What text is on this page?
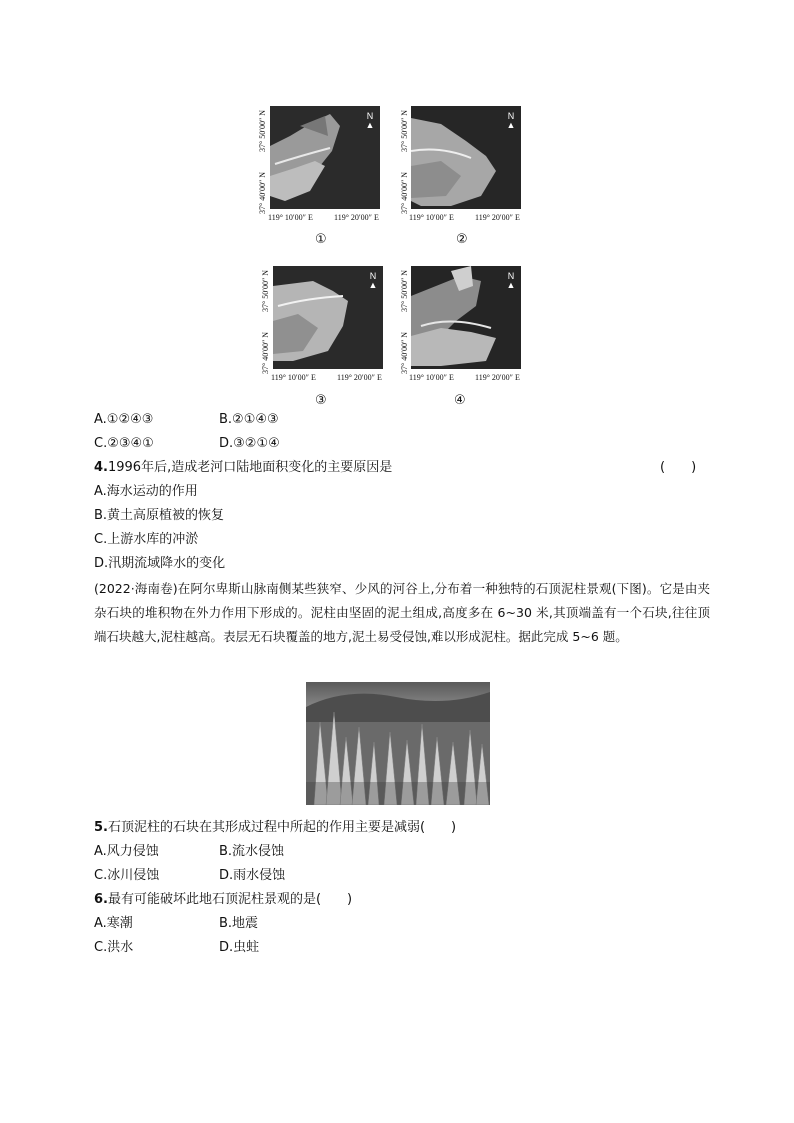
N
▲
N
▲
N
▲
N
▲
37° 50′00″ N
37° 40′00″ N
37° 50′00″ N
37° 40′00″ N
37° 50′00″ N
37° 40′00″ N
37° 50′00″ N
37° 40′00″ N
119° 10′00″ E	119° 20′00″ E	119° 10′00″ E	119° 20′00″ E
119° 10′00″ E	119° 20′00″ E	119° 10′00″ E	119° 20′00″ E
①	②
③	④
A.①②④③	B.②①④③
C.②③④①	D.③②①④
4.1996年后,造成老河口陆地面积变化的主要原因是	(　　)
A.海水运动的作用
B.黄土高原植被的恢复
C.上游水库的冲淤
D.汛期流域降水的变化
(2022·海南卷)在阿尔卑斯山脉南侧某些狭窄、少风的河谷上,分布着一种独特的石顶泥柱景观(下图)。它是由夹杂石块的堆积物在外力作用下形成的。泥柱由坚固的泥土组成,高度多在 6~30 米,其顶端盖有一个石块,往往顶端石块越大,泥柱越高。表层无石块覆盖的地方,泥土易受侵蚀,难以形成泥柱。据此完成 5~6 题。
5.石顶泥柱的石块在其形成过程中所起的作用主要是减弱(　　)
A.风力侵蚀	B.流水侵蚀
C.冰川侵蚀	D.雨水侵蚀
6.最有可能破坏此地石顶泥柱景观的是(　　)
A.寒潮	B.地震
C.洪水	D.虫蛀
